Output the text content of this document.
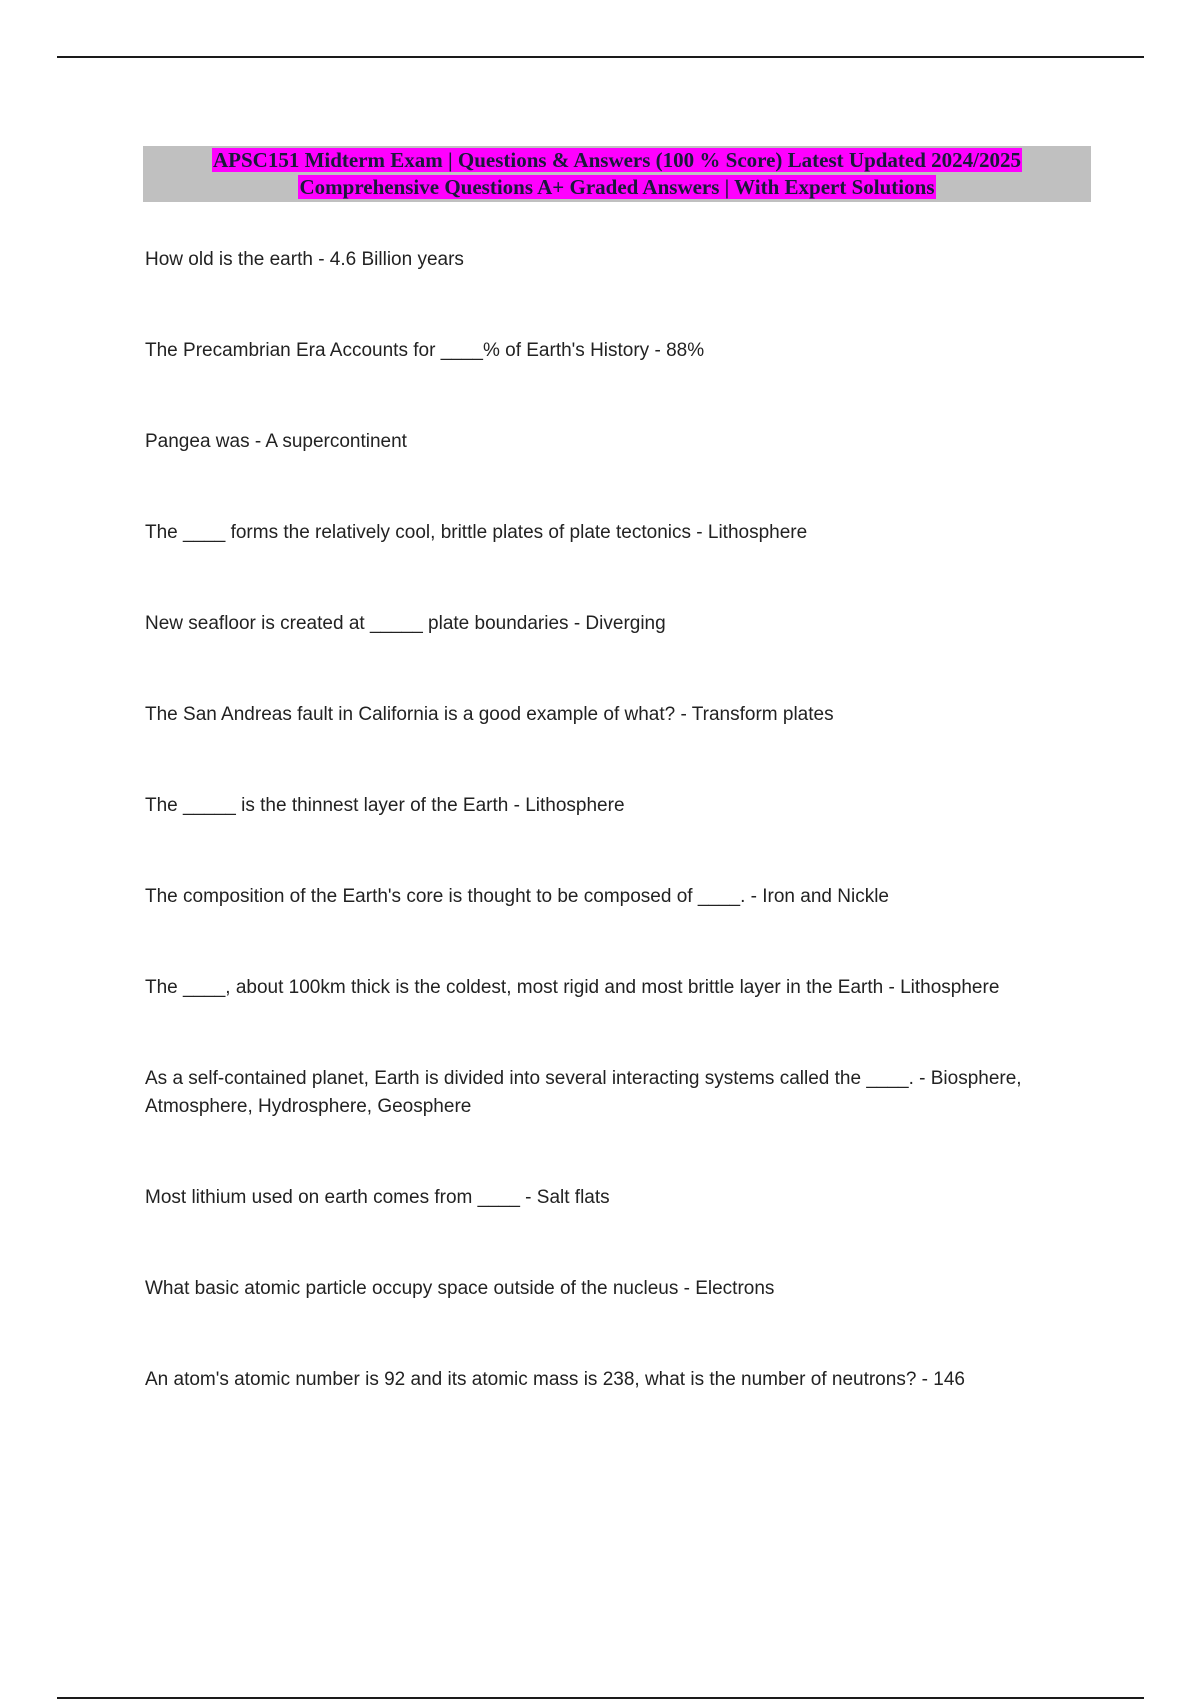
APSC151 Midterm Exam | Questions & Answers (100 % Score) Latest Updated 2024/2025
Comprehensive Questions A+ Graded Answers | With Expert Solutions
How old is the earth - 4.6 Billion years
The Precambrian Era Accounts for ____% of Earth's History - 88%
Pangea was - A supercontinent
The ____ forms the relatively cool, brittle plates of plate tectonics - Lithosphere
New seafloor is created at _____ plate boundaries - Diverging
The San Andreas fault in California is a good example of what? - Transform plates
The _____ is the thinnest layer of the Earth - Lithosphere
The composition of the Earth's core is thought to be composed of ____. - Iron and Nickle
The ____, about 100km thick is the coldest, most rigid and most brittle layer in the Earth - Lithosphere
As a self-contained planet, Earth is divided into several interacting systems called the ____. - Biosphere, Atmosphere, Hydrosphere, Geosphere
Most lithium used on earth comes from ____ - Salt flats
What basic atomic particle occupy space outside of the nucleus - Electrons
An atom's atomic number is 92 and its atomic mass is 238, what is the number of neutrons? - 146
